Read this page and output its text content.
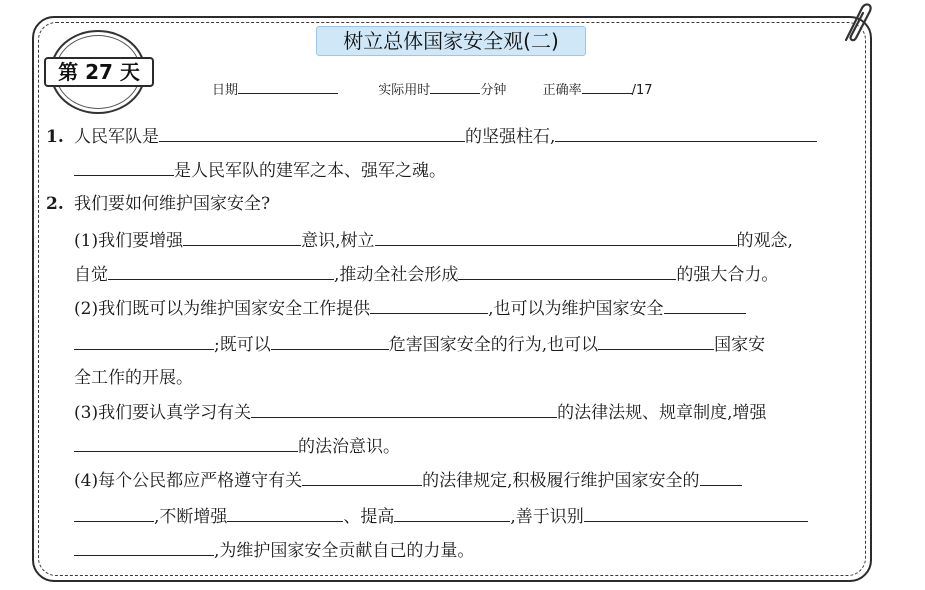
第 27 天
树立总体国家安全观(二)
日期	实际用时	分钟	正确率	/17
1. 人民军队是	的坚强柱石,
是人民军队的建军之本、强军之魂。
2. 我们要如何维护国家安全?
(1)我们要增强	意识,树立	的观念,
自觉	,推动全社会形成	的强大合力。
(2)我们既可以为维护国家安全工作提供	,也可以为维护国家安全
;既可以	危害国家安全的行为,也可以	国家安
全工作的开展。
(3)我们要认真学习有关	的法律法规、规章制度,增强
的法治意识。
(4)每个公民都应严格遵守有关	的法律规定,积极履行维护国家安全的
,不断增强	、提高	,善于识别
,为维护国家安全贡献自己的力量。
